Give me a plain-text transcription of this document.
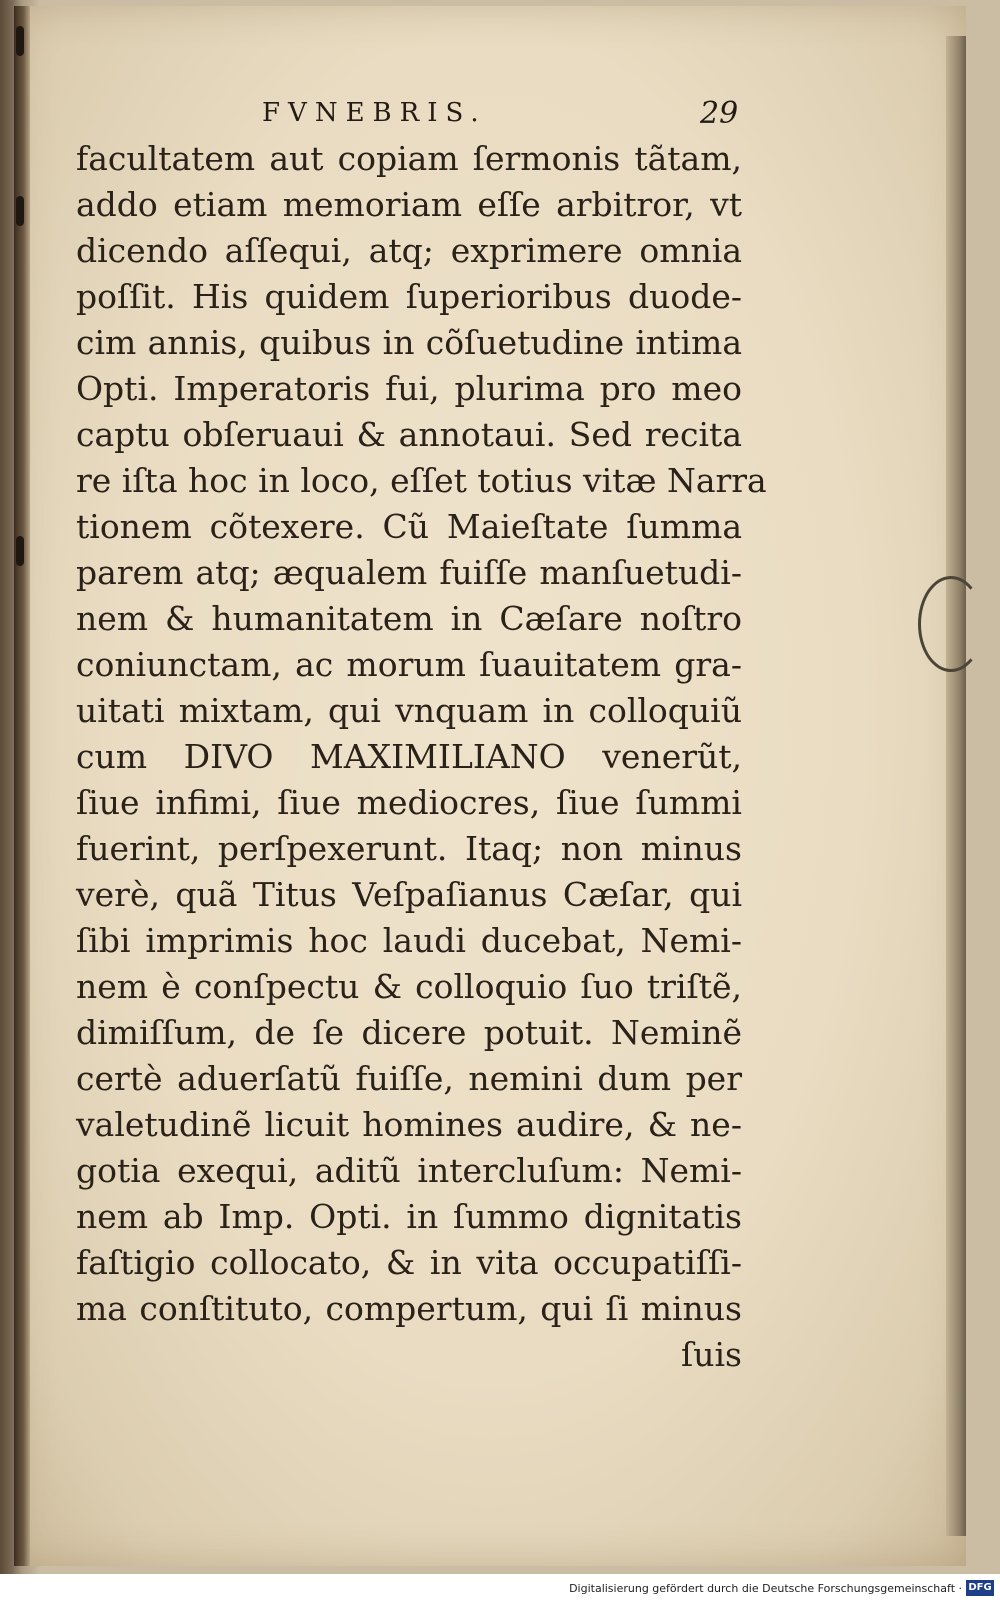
FVNEBRIS.	29
facultatem aut copiam ſermonis tãtam,
addo etiam memoriam eſſe arbitror, vt
dicendo aſſequi, atq; exprimere omnia
poſſit. His quidem ſuperioribus duode-
cim annis, quibus in cõſuetudine intima
Opti. Imperatoris fui, plurima pro meo
captu obſeruaui & annotaui. Sed recita
re iſta hoc in loco, eſſet totius vitæ Narra
tionem cõtexere. Cũ Maieſtate ſumma
parem atq; æqualem fuiſſe manſuetudi-
nem & humanitatem in Cæſare noſtro
coniunctam, ac morum ſuauitatem gra-
uitati mixtam, qui vnquam in colloquiũ
cum DIVO MAXIMILIANO venerũt,
ſiue infimi, ſiue mediocres, ſiue ſummi
fuerint, perſpexerunt. Itaq; non minus
verè, quã Titus Veſpaſianus Cæſar, qui
ſibi imprimis hoc laudi ducebat, Nemi-
nem è conſpectu & colloquio ſuo triſtẽ,
dimiſſum, de ſe dicere potuit. Neminẽ
certè aduerſatũ fuiſſe, nemini dum per
valetudinẽ licuit homines audire, & ne-
gotia exequi, aditũ intercluſum: Nemi-
nem ab Imp. Opti. in ſummo dignitatis
faſtigio collocato, & in vita occupatiſſi-
ma conſtituto, compertum, qui ſi minus
ſuis
Digitalisierung gefördert durch die Deutsche Forschungsgemeinschaft · DFG
